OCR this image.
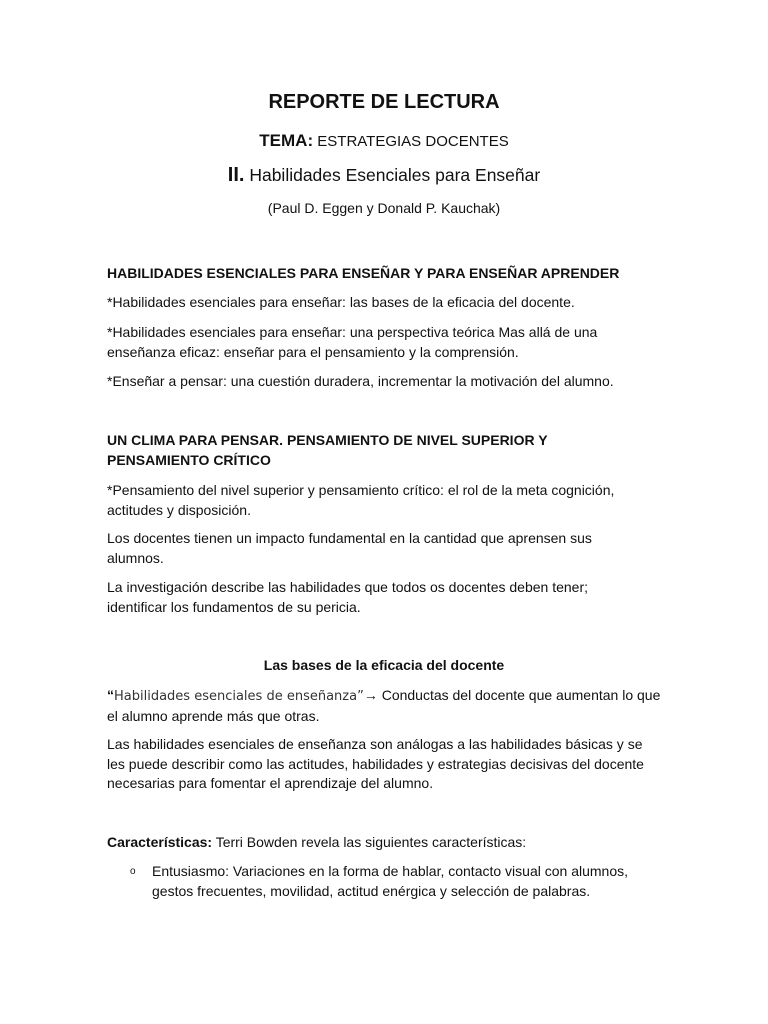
REPORTE DE LECTURA
TEMA: ESTRATEGIAS DOCENTES
II. Habilidades Esenciales para Enseñar
(Paul D. Eggen y Donald P. Kauchak)
HABILIDADES ESENCIALES PARA ENSEÑAR Y PARA ENSEÑAR APRENDER
*Habilidades esenciales para enseñar: las bases de la eficacia del docente.
*Habilidades esenciales para enseñar: una perspectiva teórica Mas allá de una enseñanza eficaz: enseñar para el pensamiento y la comprensión.
*Enseñar a pensar: una cuestión duradera, incrementar la motivación del alumno.
UN CLIMA PARA PENSAR. PENSAMIENTO DE NIVEL SUPERIOR Y PENSAMIENTO CRÍTICO
*Pensamiento del nivel superior y pensamiento crítico: el rol de la meta cognición, actitudes y disposición.
Los docentes tienen un impacto fundamental en la cantidad que aprensen sus alumnos.
La investigación describe las habilidades que todos os docentes deben tener; identificar los fundamentos de su pericia.
Las bases de la eficacia del docente
“Habilidades esenciales de enseñanza”→ Conductas del docente que aumentan lo que el alumno aprende más que otras.
Las habilidades esenciales de enseñanza son análogas a las habilidades básicas y se les puede describir como las actitudes, habilidades y estrategias decisivas del docente necesarias para fomentar el aprendizaje del alumno.
Características: Terri Bowden revela las siguientes características:
o Entusiasmo: Variaciones en la forma de hablar, contacto visual con alumnos, gestos frecuentes, movilidad, actitud enérgica y selección de palabras.
